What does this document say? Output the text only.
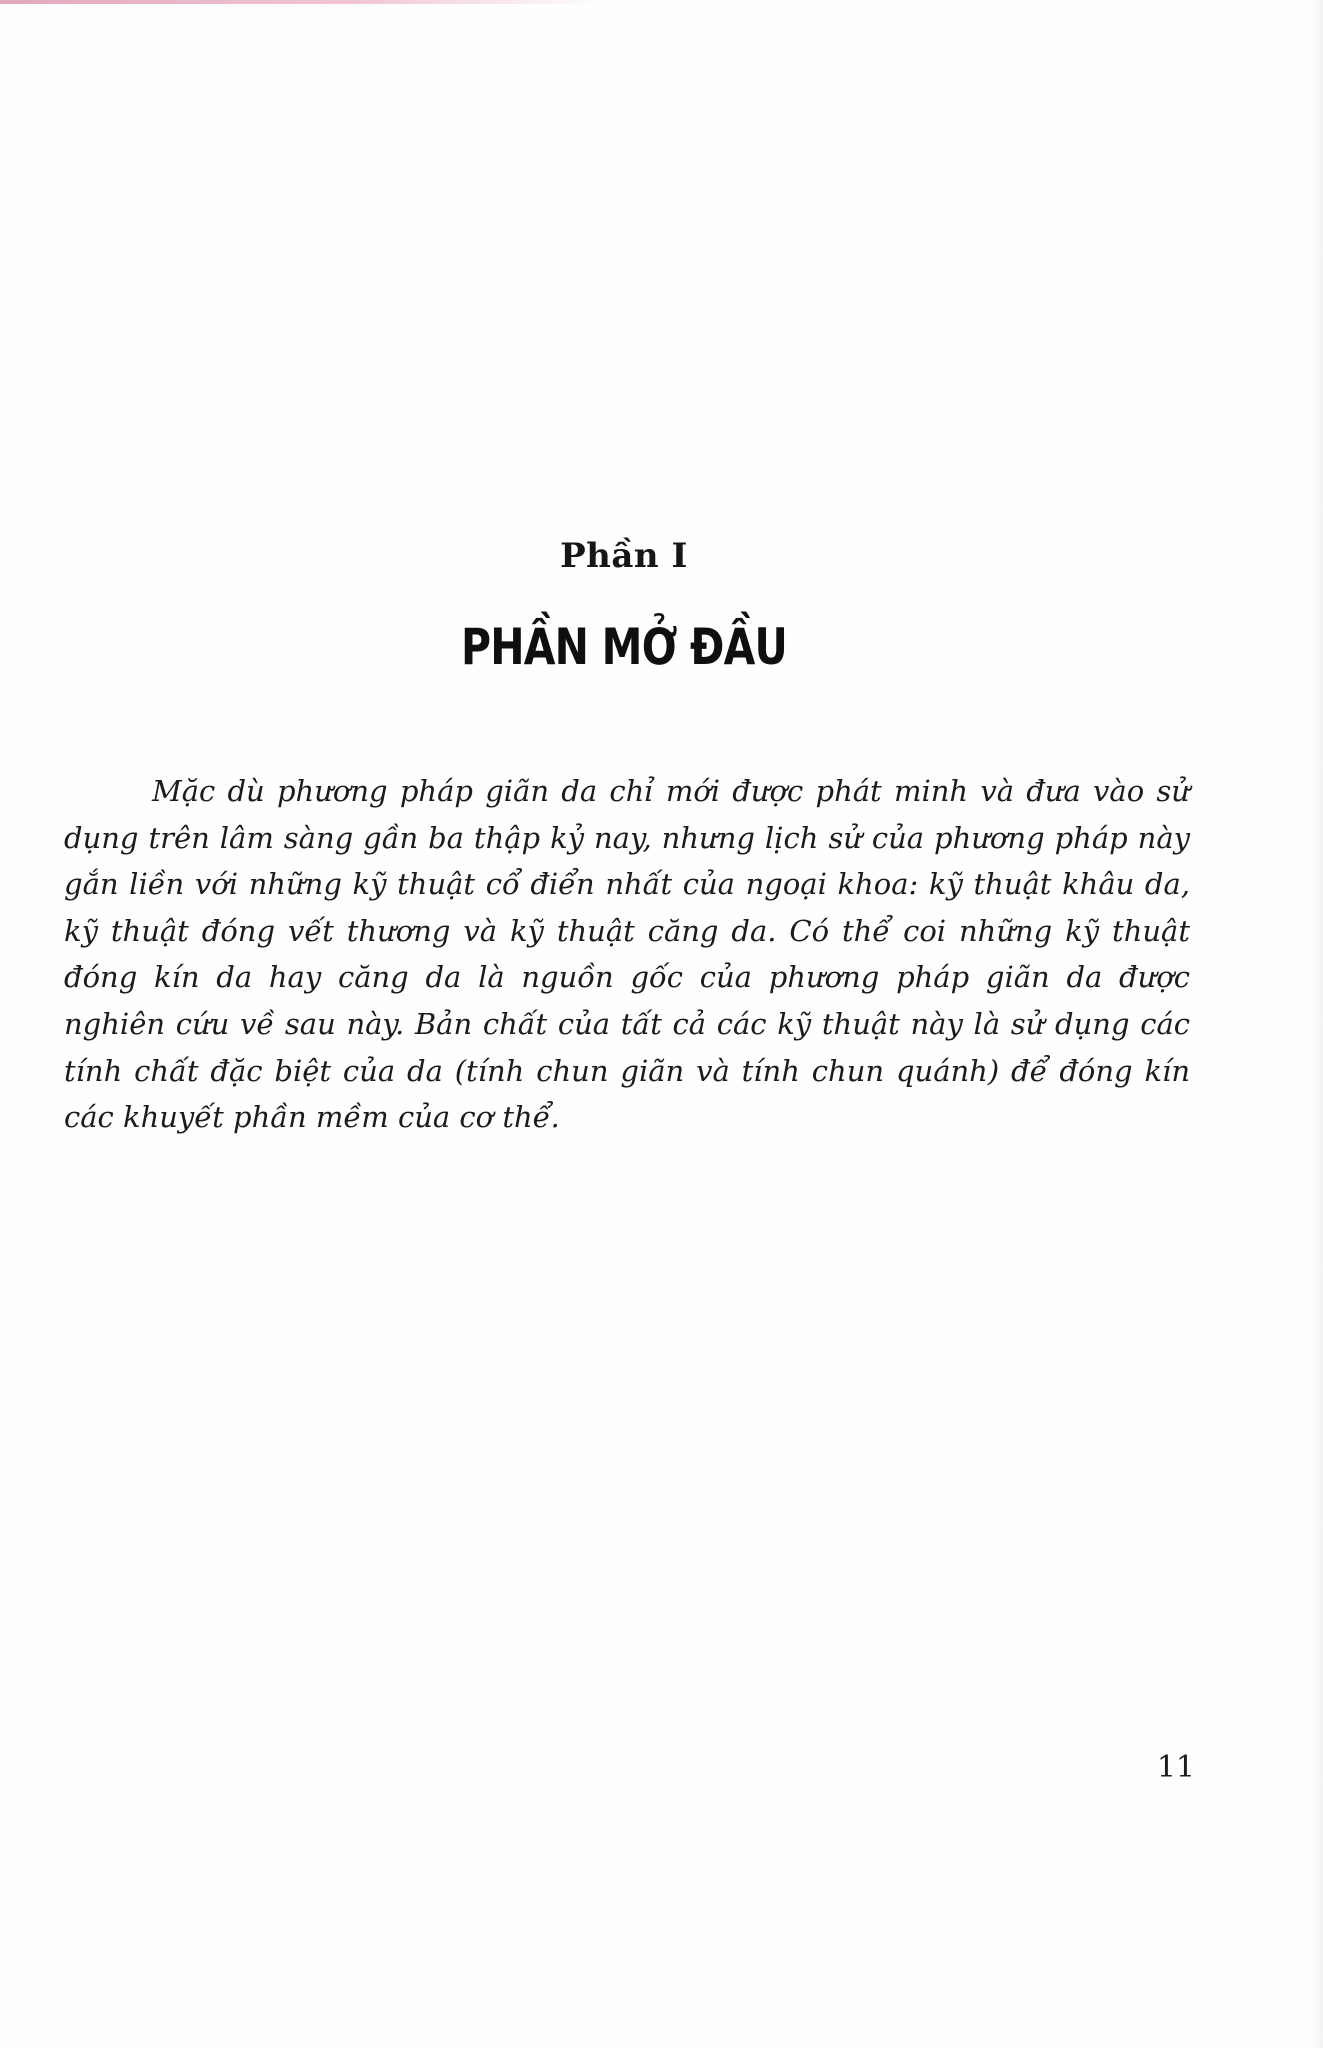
Phần I
PHẦN MỞ ĐẦU

Mặc dù phương pháp giãn da chỉ mới được phát minh và đưa vào sử dụng trên lâm sàng gần ba thập kỷ nay, nhưng lịch sử của phương pháp này gắn liền với những kỹ thuật cổ điển nhất của ngoại khoa: kỹ thuật khâu da, kỹ thuật đóng vết thương và kỹ thuật căng da. Có thể coi những kỹ thuật đóng kín da hay căng da là nguồn gốc của phương pháp giãn da được nghiên cứu về sau này. Bản chất của tất cả các kỹ thuật này là sử dụng các tính chất đặc biệt của da (tính chun giãn và tính chun quánh) để đóng kín các khuyết phần mềm của cơ thể.

11
